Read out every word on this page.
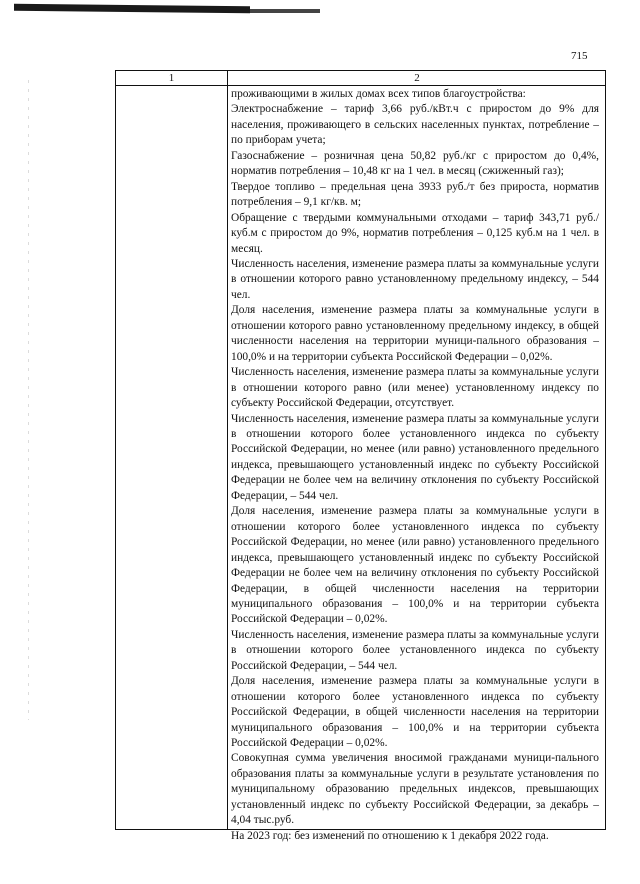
715
1	2

проживающими в жилых домах всех типов благоустройства:

Электроснабжение – тариф 3,66 руб./кВт.ч с приростом до 9% для населения, проживающего в сельских населенных пунктах, потребление – по приборам учета;

Газоснабжение – розничная цена 50,82 руб./кг с приростом до 0,4%, норматив потребления – 10,48 кг на 1 чел. в месяц (сжиженный газ);

Твердое топливо – предельная цена 3933 руб./т без прироста, норматив потребления – 9,1 кг/кв. м;

Обращение с твердыми коммунальными отходами – тариф 343,71 руб./куб.м с приростом до 9%, норматив потребления – 0,125 куб.м на 1 чел. в месяц.

Численность населения, изменение размера платы за коммунальные услуги в отношении которого равно установленному предельному индексу, – 544 чел.

Доля населения, изменение размера платы за коммунальные услуги в отношении которого равно установленному предельному индексу, в общей численности населения на территории муници-пального образования – 100,0% и на территории субъекта Российской Федерации – 0,02%.

Численность населения, изменение размера платы за коммунальные услуги в отношении которого равно (или менее) установленному индексу по субъекту Российской Федерации, отсутствует.

Численность населения, изменение размера платы за коммунальные услуги в отношении которого более установленного индекса по субъекту Российской Федерации, но менее (или равно) установленного предельного индекса, превышающего установленный индекс по субъекту Российской Федерации не более чем на величину отклонения по субъекту Российской Федерации, – 544 чел.

Доля населения, изменение размера платы за коммунальные услуги в отношении которого более установленного индекса по субъекту Российской Федерации, но менее (или равно) установленного предельного индекса, превышающего установленный индекс по субъекту Российской Федерации не более чем на величину отклонения по субъекту Российской Федерации, в общей численности населения на территории муниципального образования – 100,0% и на территории субъекта Российской Федерации – 0,02%.

Численность населения, изменение размера платы за коммунальные услуги в отношении которого более установленного индекса по субъекту Российской Федерации, – 544 чел.

Доля населения, изменение размера платы за коммунальные услуги в отношении которого более установленного индекса по субъекту Российской Федерации, в общей численности населения на территории муниципального образования – 100,0% и на территории субъекта Российской Федерации – 0,02%.

Совокупная сумма увеличения вносимой гражданами муници-пального образования платы за коммунальные услуги в результате установления по муниципальному образованию предельных индексов, превышающих установленный индекс по субъекту Российской Федерации, за декабрь – 4,04 тыс.руб.

На 2023 год: без изменений по отношению к 1 декабря 2022 года.
